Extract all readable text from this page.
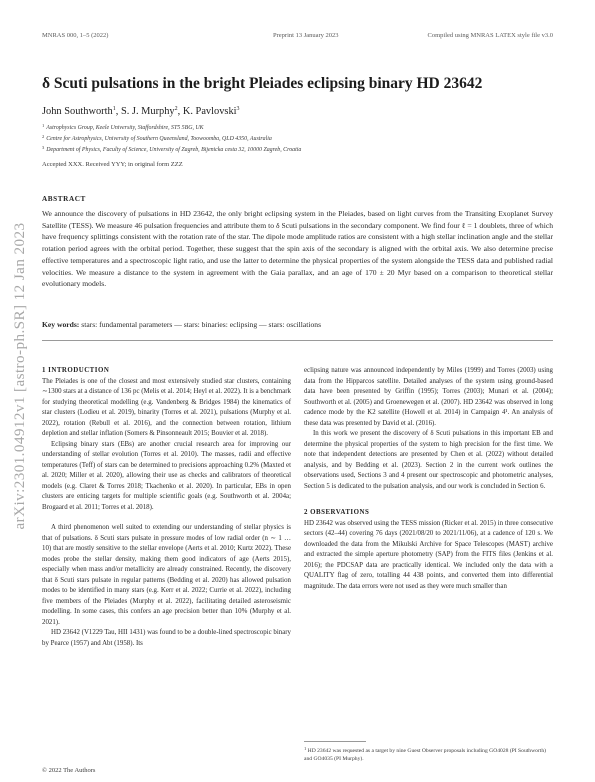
MNRAS 000, 1–5 (2022)	Preprint 13 January 2023	Compiled using MNRAS LATEX style file v3.0
arXiv:2301.04912v1 [astro-ph.SR] 12 Jan 2023
δ Scuti pulsations in the bright Pleiades eclipsing binary HD 23642
John Southworth$^1$, S. J. Murphy$^2$, K. Pavlovski$^3$
$^1$ Astrophysics Group, Keele University, Staffordshire, ST5 5BG, UK
$^2$ Centre for Astrophysics, University of Southern Queensland, Toowoomba, QLD 4350, Australia
$^3$ Department of Physics, Faculty of Science, University of Zagreb, Bijenicka cesta 32, 10000 Zagreb, Croatia
Accepted XXX. Received YYY; in original form ZZZ
ABSTRACT
We announce the discovery of pulsations in HD 23642, the only bright eclipsing system in the Pleiades, based on light curves from the Transiting Exoplanet Survey Satellite (TESS). We measure 46 pulsation frequencies and attribute them to δ Scuti pulsations in the secondary component. We find four ℓ = 1 doublets, three of which have frequency splittings consistent with the rotation rate of the star. The dipole mode amplitude ratios are consistent with a high stellar inclination angle and the stellar rotation period agrees with the orbital period. Together, these suggest that the spin axis of the secondary is aligned with the orbital axis. We also determine precise effective temperatures and a spectroscopic light ratio, and use the latter to determine the physical properties of the system alongside the TESS data and published radial velocities. We measure a distance to the system in agreement with the Gaia parallax, and an age of 170 ± 20 Myr based on a comparison to theoretical stellar evolutionary models.
Key words: stars: fundamental parameters — stars: binaries: eclipsing — stars: oscillations

1 INTRODUCTION

The Pleiades is one of the closest and most extensively studied star clusters, containing ∼1300 stars at a distance of 136 pc (Melis et al. 2014; Heyl et al. 2022). It is a benchmark for studying theoretical modelling (e.g. Vandenberg & Bridges 1984) the kinematics of star clusters (Lodieu et al. 2019), binarity (Torres et al. 2021), pulsations (Murphy et al. 2022), rotation (Rebull et al. 2016), and the connection between rotation, lithium depletion and stellar inflation (Somers & Pinsonneault 2015; Bouvier et al. 2018).

Eclipsing binary stars (EBs) are another crucial research area for improving our understanding of stellar evolution (Torres et al. 2010). The masses, radii and effective temperatures (Teff) of stars can be determined to precisions approaching 0.2% (Maxted et al. 2020; Miller et al. 2020), allowing their use as checks and calibrators of theoretical models (e.g. Claret & Torres 2018; Tkachenko et al. 2020). In particular, EBs in open clusters are enticing targets for multiple scientific goals (e.g. Southworth et al. 2004a; Brogaard et al. 2011; Torres et al. 2018).

A third phenomenon well suited to extending our understanding of stellar physics is that of pulsations. δ Scuti stars pulsate in pressure modes of low radial order (n ∼ 1 … 10) that are mostly sensitive to the stellar envelope (Aerts et al. 2010; Kurtz 2022). These modes probe the stellar density, making them good indicators of age (Aerts 2015), especially when mass and/or metallicity are already constrained. Recently, the discovery that δ Scuti stars pulsate in regular patterns (Bedding et al. 2020) has allowed pulsation modes to be identified in many stars (e.g. Kerr et al. 2022; Currie et al. 2022), including five members of the Pleiades (Murphy et al. 2022), facilitating detailed asteroseismic modelling. In some cases, this confers an age precision better than 10% (Murphy et al. 2021).

HD 23642 (V1229 Tau, HII 1431) was found to be a double-lined spectroscopic binary by Pearce (1957) and Abt (1958). Its

eclipsing nature was announced independently by Miles (1999) and Torres (2003) using data from the Hipparcos satellite. Detailed analyses of the system using ground-based data have been presented by Griffin (1995); Torres (2003); Munari et al. (2004); Southworth et al. (2005) and Groenewegen et al. (2007). HD 23642 was observed in long cadence mode by the K2 satellite (Howell et al. 2014) in Campaign 4¹. An analysis of these data was presented by David et al. (2016).

In this work we present the discovery of δ Scuti pulsations in this important EB and determine the physical properties of the system to high precision for the first time. We note that independent detections are presented by Chen et al. (2022) without detailed analysis, and by Bedding et al. (2023). Section 2 in the current work outlines the observations used, Sections 3 and 4 present our spectroscopic and photometric analyses, Section 5 is dedicated to the pulsation analysis, and our work is concluded in Section 6.

2 OBSERVATIONS

HD 23642 was observed using the TESS mission (Ricker et al. 2015) in three consecutive sectors (42–44) covering 76 days (2021/08/20 to 2021/11/06), at a cadence of 120 s. We downloaded the data from the Mikulski Archive for Space Telescopes (MAST) archive and extracted the simple aperture photometry (SAP) from the FITS files (Jenkins et al. 2016); the PDCSAP data are practically identical. We included only the data with a QUALITY flag of zero, totalling 44 438 points, and converted them into differential magnitude. The data errors were not used as they were much smaller than

$^1$ HD 23642 was requested as a target by nine Guest Observer proposals including GO4028 (PI Southworth) and GO4035 (PI Murphy).
© 2022 The Authors
